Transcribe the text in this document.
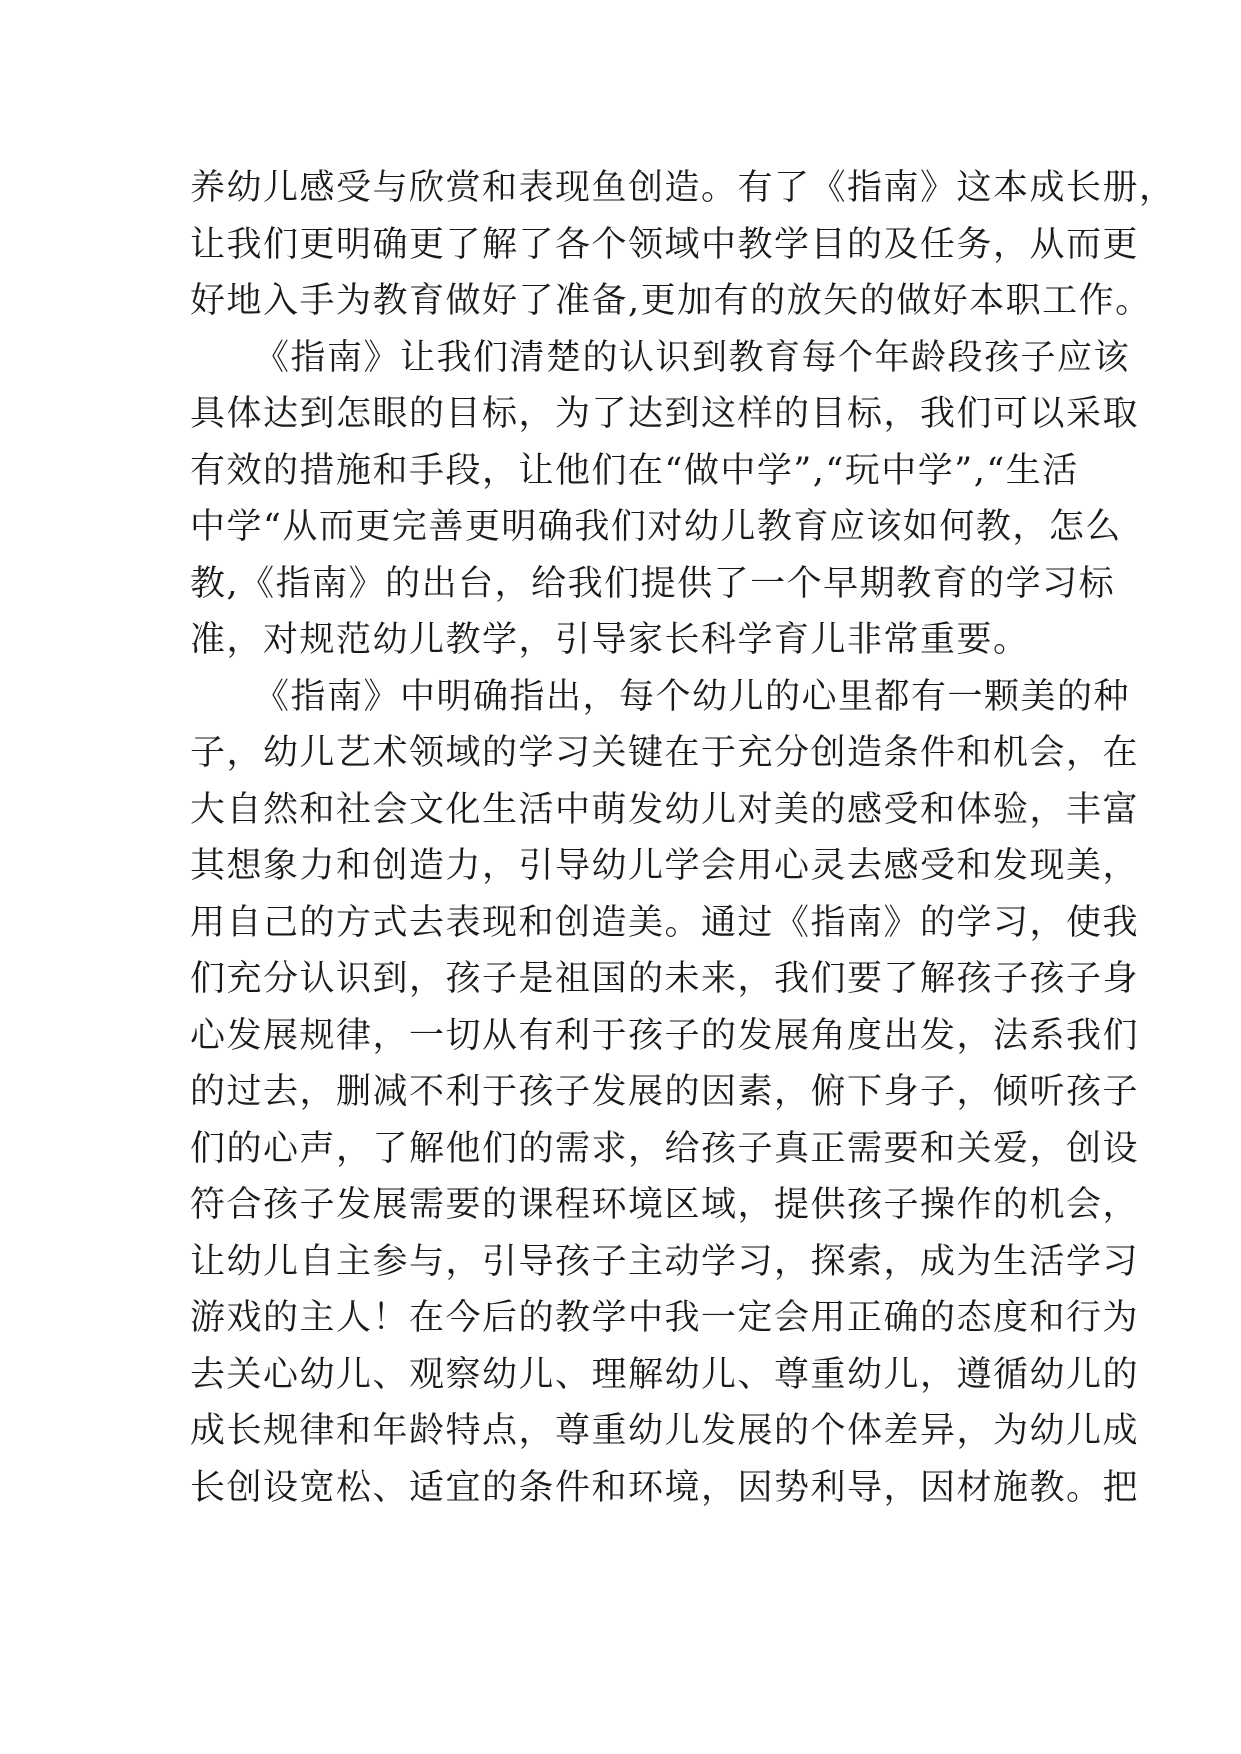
养幼儿感受与欣赏和表现鱼创造。有了《指南》这本成长册，
让我们更明确更了解了各个领域中教学目的及任务，从而更
好地入手为教育做好了准备,更加有的放矢的做好本职工作。
《指南》让我们清楚的认识到教育每个年龄段孩子应该
具体达到怎眼的目标，为了达到这样的目标，我们可以采取
有效的措施和手段，让他们在“做中学”,“玩中学”,“生活
中学“从而更完善更明确我们对幼儿教育应该如何教，怎么
教,《指南》的出台，给我们提供了一个早期教育的学习标
准，对规范幼儿教学，引导家长科学育儿非常重要。
《指南》中明确指出，每个幼儿的心里都有一颗美的种
子，幼儿艺术领域的学习关键在于充分创造条件和机会，在
大自然和社会文化生活中萌发幼儿对美的感受和体验，丰富
其想象力和创造力，引导幼儿学会用心灵去感受和发现美，
用自己的方式去表现和创造美。通过《指南》的学习，使我
们充分认识到，孩子是祖国的未来，我们要了解孩子孩子身
心发展规律，一切从有利于孩子的发展角度出发，法系我们
的过去，删减不利于孩子发展的因素，俯下身子，倾听孩子
们的心声，了解他们的需求，给孩子真正需要和关爱，创设
符合孩子发展需要的课程环境区域，提供孩子操作的机会，
让幼儿自主参与，引导孩子主动学习，探索，成为生活学习
游戏的主人！在今后的教学中我一定会用正确的态度和行为
去关心幼儿、观察幼儿、理解幼儿、尊重幼儿，遵循幼儿的
成长规律和年龄特点，尊重幼儿发展的个体差异，为幼儿成
长创设宽松、适宜的条件和环境，因势利导，因材施教。把
